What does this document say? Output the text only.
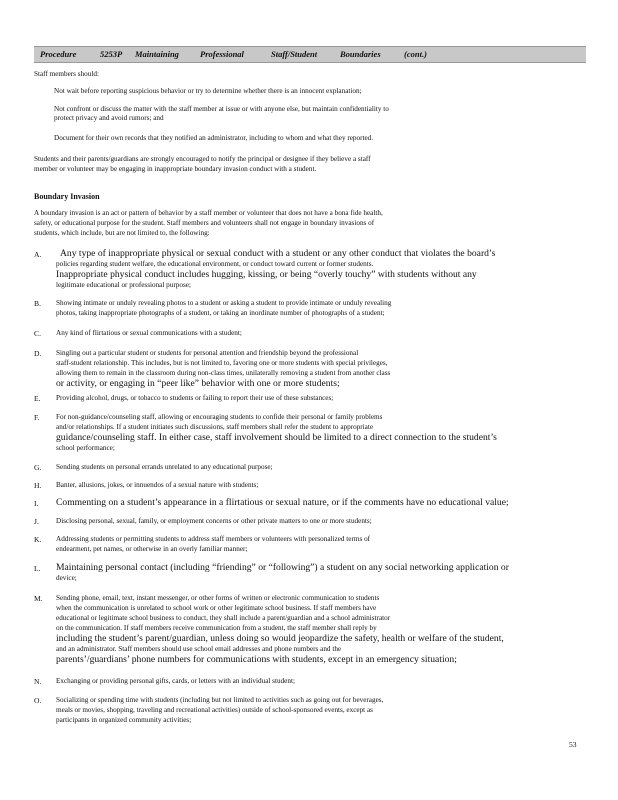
Procedure	5253P Maintaining Professional	Staff/Student	Boundaries	(cont.)
Staff members should:
Not wait before reporting suspicious behavior or try to determine whether there is an innocent explanation;
Not confront or discuss the matter with the staff member at issue or with anyone else, but maintain confidentiality to
protect privacy and avoid rumors; and
Document for their own records that they notified an administrator, including to whom and what they reported.
Students and their parents/guardians are strongly encouraged to notify the principal or designee if they believe a staff
member or volunteer may be engaging in inappropriate boundary invasion conduct with a student.
Boundary Invasion
A boundary invasion is an act or pattern of behavior by a staff member or volunteer that does not have a bona fide health,
safety, or educational purpose for the student. Staff members and volunteers shall not engage in boundary invasions of
students, which include, but are not limited to, the following:
A. Any type of inappropriate physical or sexual conduct with a student or any other conduct that violates the board’s
policies regarding student welfare, the educational environment, or conduct toward current or former students.
Inappropriate physical conduct includes hugging, kissing, or being “overly touchy” with students without any
legitimate educational or professional purpose;
B. Showing intimate or unduly revealing photos to a student or asking a student to provide intimate or unduly revealing
photos, taking inappropriate photographs of a student, or taking an inordinate number of photographs of a student;
C. Any kind of flirtatious or sexual communications with a student;
D. Singling out a particular student or students for personal attention and friendship beyond the professional
staff-student relationship. This includes, but is not limited to, favoring one or more students with special privileges,
allowing them to remain in the classroom during non-class times, unilaterally removing a student from another class
or activity, or engaging in “peer like” behavior with one or more students;
E. Providing alcohol, drugs, or tobacco to students or failing to report their use of these substances;
F. For non-guidance/counseling staff, allowing or encouraging students to confide their personal or family problems
and/or relationships. If a student initiates such discussions, staff members shall refer the student to appropriate
guidance/counseling staff. In either case, staff involvement should be limited to a direct connection to the student’s
school performance;
G. Sending students on personal errands unrelated to any educational purpose;
H. Banter, allusions, jokes, or innuendos of a sexual nature with students;
I. Commenting on a student’s appearance in a flirtatious or sexual nature, or if the comments have no educational value;
J. Disclosing personal, sexual, family, or employment concerns or other private matters to one or more students;
K. Addressing students or permitting students to address staff members or volunteers with personalized terms of
endearment, pet names, or otherwise in an overly familiar manner;
L. Maintaining personal contact (including “friending” or “following”) a student on any social networking application or
device;
M. Sending phone, email, text, instant messenger, or other forms of written or electronic communication to students
when the communication is unrelated to school work or other legitimate school business. If staff members have
educational or legitimate school business to conduct, they shall include a parent/guardian and a school administrator
on the communication. If staff members receive communication from a student, the staff member shall reply by
including the student’s parent/guardian, unless doing so would jeopardize the safety, health or welfare of the student,
and an administrator. Staff members should use school email addresses and phone numbers and the
parents’/guardians’ phone numbers for communications with students, except in an emergency situation;
N. Exchanging or providing personal gifts, cards, or letters with an individual student;
O. Socializing or spending time with students (including but not limited to activities such as going out for beverages,
meals or movies, shopping, traveling and recreational activities) outside of school-sponsored events, except as
participants in organized community activities;
53
